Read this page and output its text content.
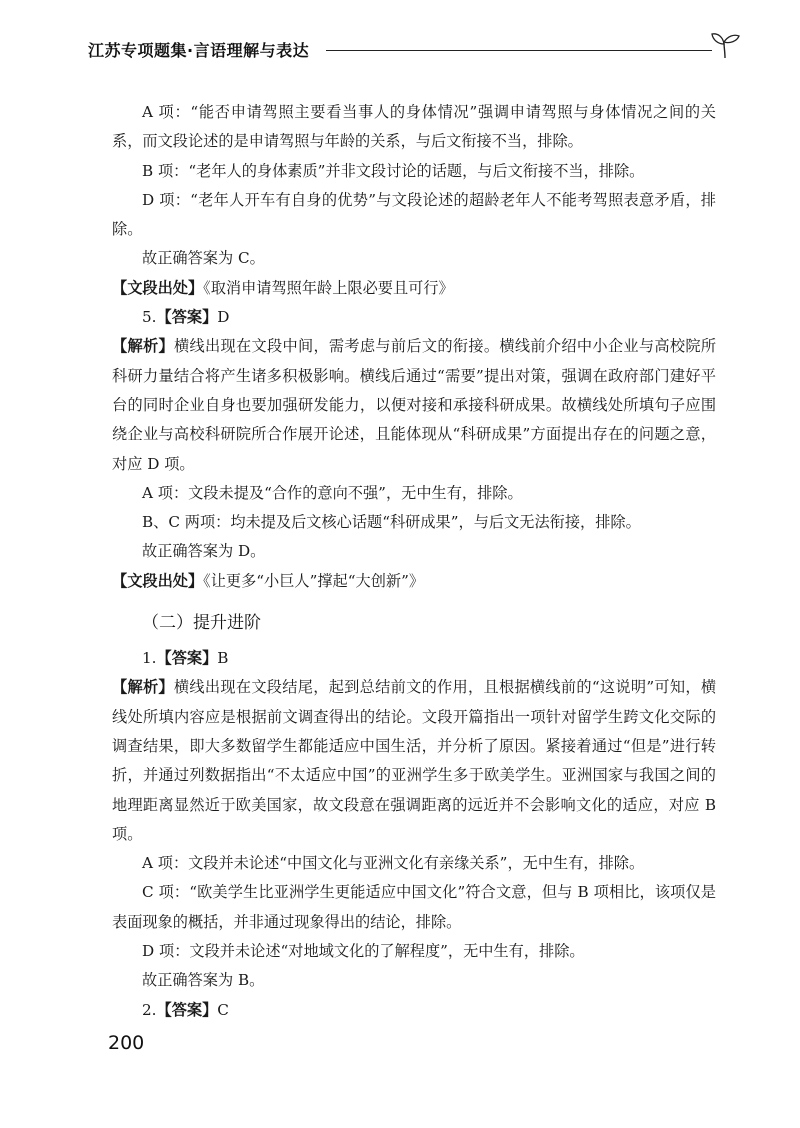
江苏专项题集·言语理解与表达

A 项：“能否申请驾照主要看当事人的身体情况”强调申请驾照与身体情况之间的关系，而文段论述的是申请驾照与年龄的关系，与后文衔接不当，排除。

B 项：“老年人的身体素质”并非文段讨论的话题，与后文衔接不当，排除。

D 项：“老年人开车有自身的优势”与文段论述的超龄老年人不能考驾照表意矛盾，排除。

故正确答案为 C。

【文段出处】《取消申请驾照年龄上限必要且可行》

5.【答案】D

【解析】横线出现在文段中间，需考虑与前后文的衔接。横线前介绍中小企业与高校院所科研力量结合将产生诸多积极影响。横线后通过“需要”提出对策，强调在政府部门建好平台的同时企业自身也要加强研发能力，以便对接和承接科研成果。故横线处所填句子应围绕企业与高校科研院所合作展开论述，且能体现从“科研成果”方面提出存在的问题之意，对应 D 项。

A 项：文段未提及“合作的意向不强”，无中生有，排除。

B、C 两项：均未提及后文核心话题“科研成果”，与后文无法衔接，排除。

故正确答案为 D。

【文段出处】《让更多“小巨人”撑起“大创新”》

（二）提升进阶

1.【答案】B

【解析】横线出现在文段结尾，起到总结前文的作用，且根据横线前的“这说明”可知，横线处所填内容应是根据前文调查得出的结论。文段开篇指出一项针对留学生跨文化交际的调查结果，即大多数留学生都能适应中国生活，并分析了原因。紧接着通过“但是”进行转折，并通过列数据指出“不太适应中国”的亚洲学生多于欧美学生。亚洲国家与我国之间的地理距离显然近于欧美国家，故文段意在强调距离的远近并不会影响文化的适应，对应 B 项。

A 项：文段并未论述“中国文化与亚洲文化有亲缘关系”，无中生有，排除。

C 项：“欧美学生比亚洲学生更能适应中国文化”符合文意，但与 B 项相比，该项仅是表面现象的概括，并非通过现象得出的结论，排除。

D 项：文段并未论述“对地域文化的了解程度”，无中生有，排除。

故正确答案为 B。

2.【答案】C

200
